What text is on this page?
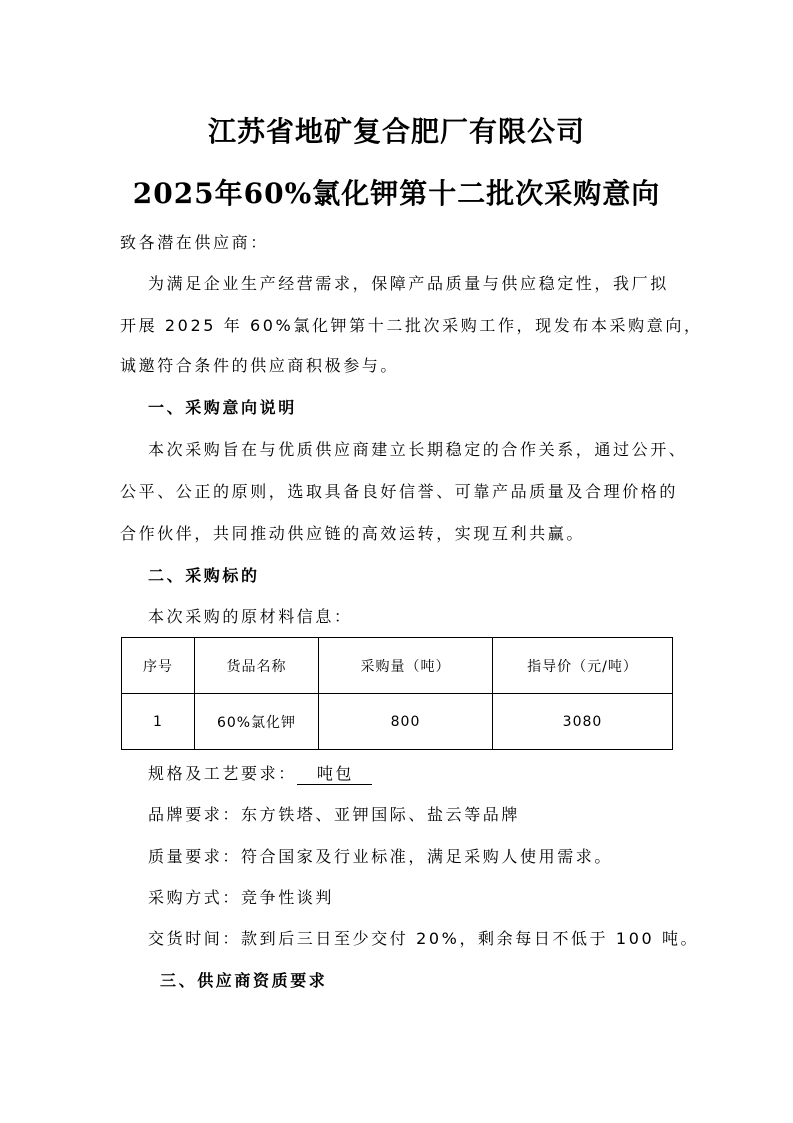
江苏省地矿复合肥厂有限公司
2025年60%氯化钾第十二批次采购意向
致各潜在供应商：
为满足企业生产经营需求，保障产品质量与供应稳定性，我厂拟
开展 2025 年 60%氯化钾第十二批次采购工作，现发布本采购意向，
诚邀符合条件的供应商积极参与。
一、采购意向说明
本次采购旨在与优质供应商建立长期稳定的合作关系，通过公开、
公平、公正的原则，选取具备良好信誉、可靠产品质量及合理价格的
合作伙伴，共同推动供应链的高效运转，实现互利共赢。
二、采购标的
本次采购的原材料信息：
序号	货品名称	采购量（吨）	指导价（元/吨）
1	60%氯化钾	800	3080
规格及工艺要求： 吨包
品牌要求：东方铁塔、亚钾国际、盐云等品牌
质量要求：符合国家及行业标准，满足采购人使用需求。
采购方式：竞争性谈判
交货时间：款到后三日至少交付 20%，剩余每日不低于 100 吨。
三、供应商资质要求
